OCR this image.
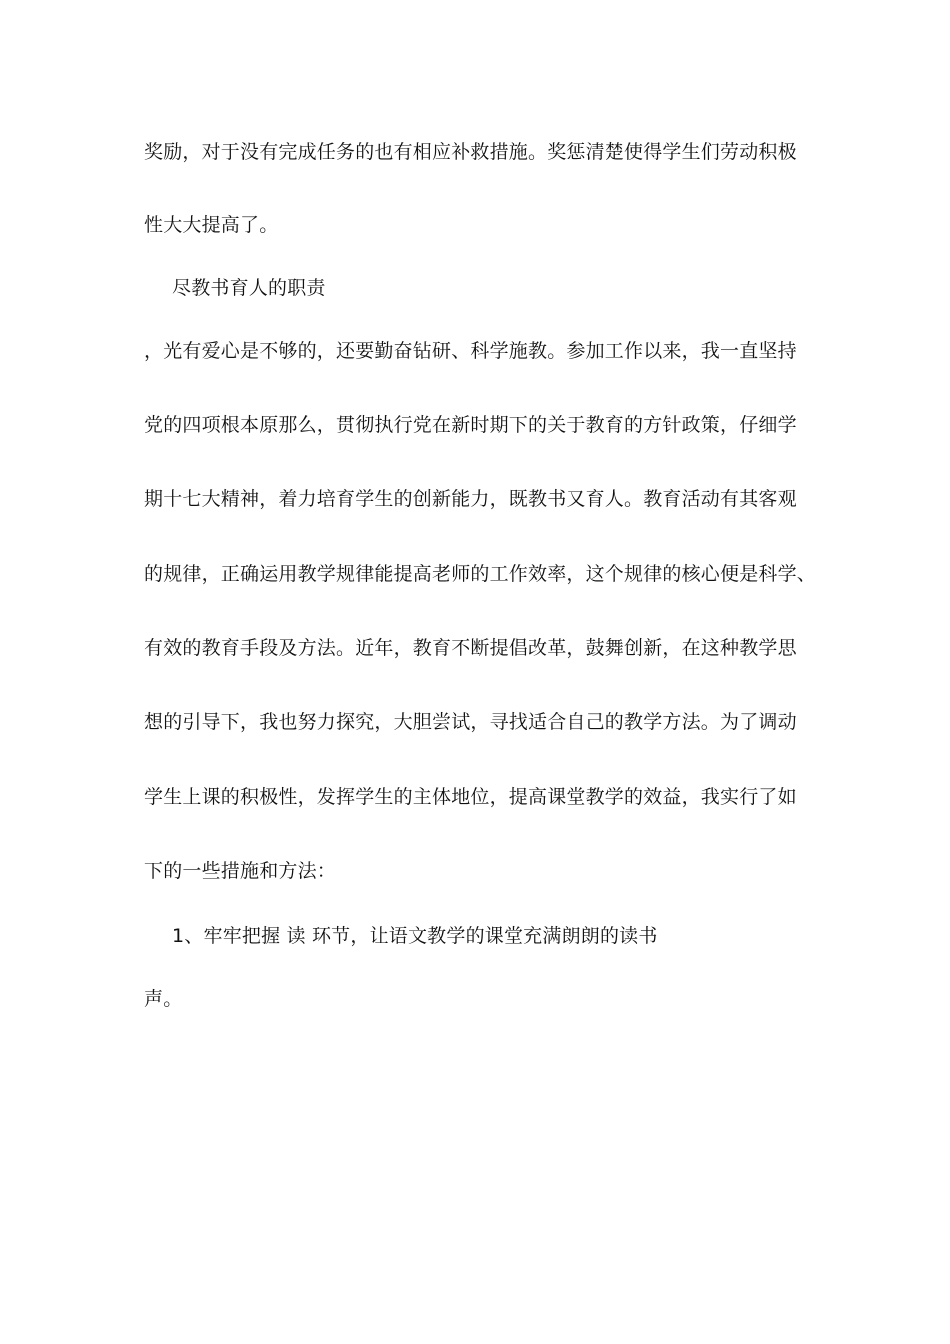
奖励，对于没有完成任务的也有相应补救措施。奖惩清楚使得学生们劳动积极
性大大提高了。
尽教书育人的职责
，光有爱心是不够的，还要勤奋钻研、科学施教。参加工作以来，我一直坚持
党的四项根本原那么，贯彻执行党在新时期下的关于教育的方针政策，仔细学
期十七大精神，着力培育学生的创新能力，既教书又育人。教育活动有其客观
的规律，正确运用教学规律能提高老师的工作效率，这个规律的核心便是科学、
有效的教育手段及方法。近年，教育不断提倡改革，鼓舞创新，在这种教学思
想的引导下，我也努力探究，大胆尝试，寻找适合自己的教学方法。为了调动
学生上课的积极性，发挥学生的主体地位，提高课堂教学的效益，我实行了如
下的一些措施和方法：
1、牢牢把握 读 环节，让语文教学的课堂充满朗朗的读书
声。
